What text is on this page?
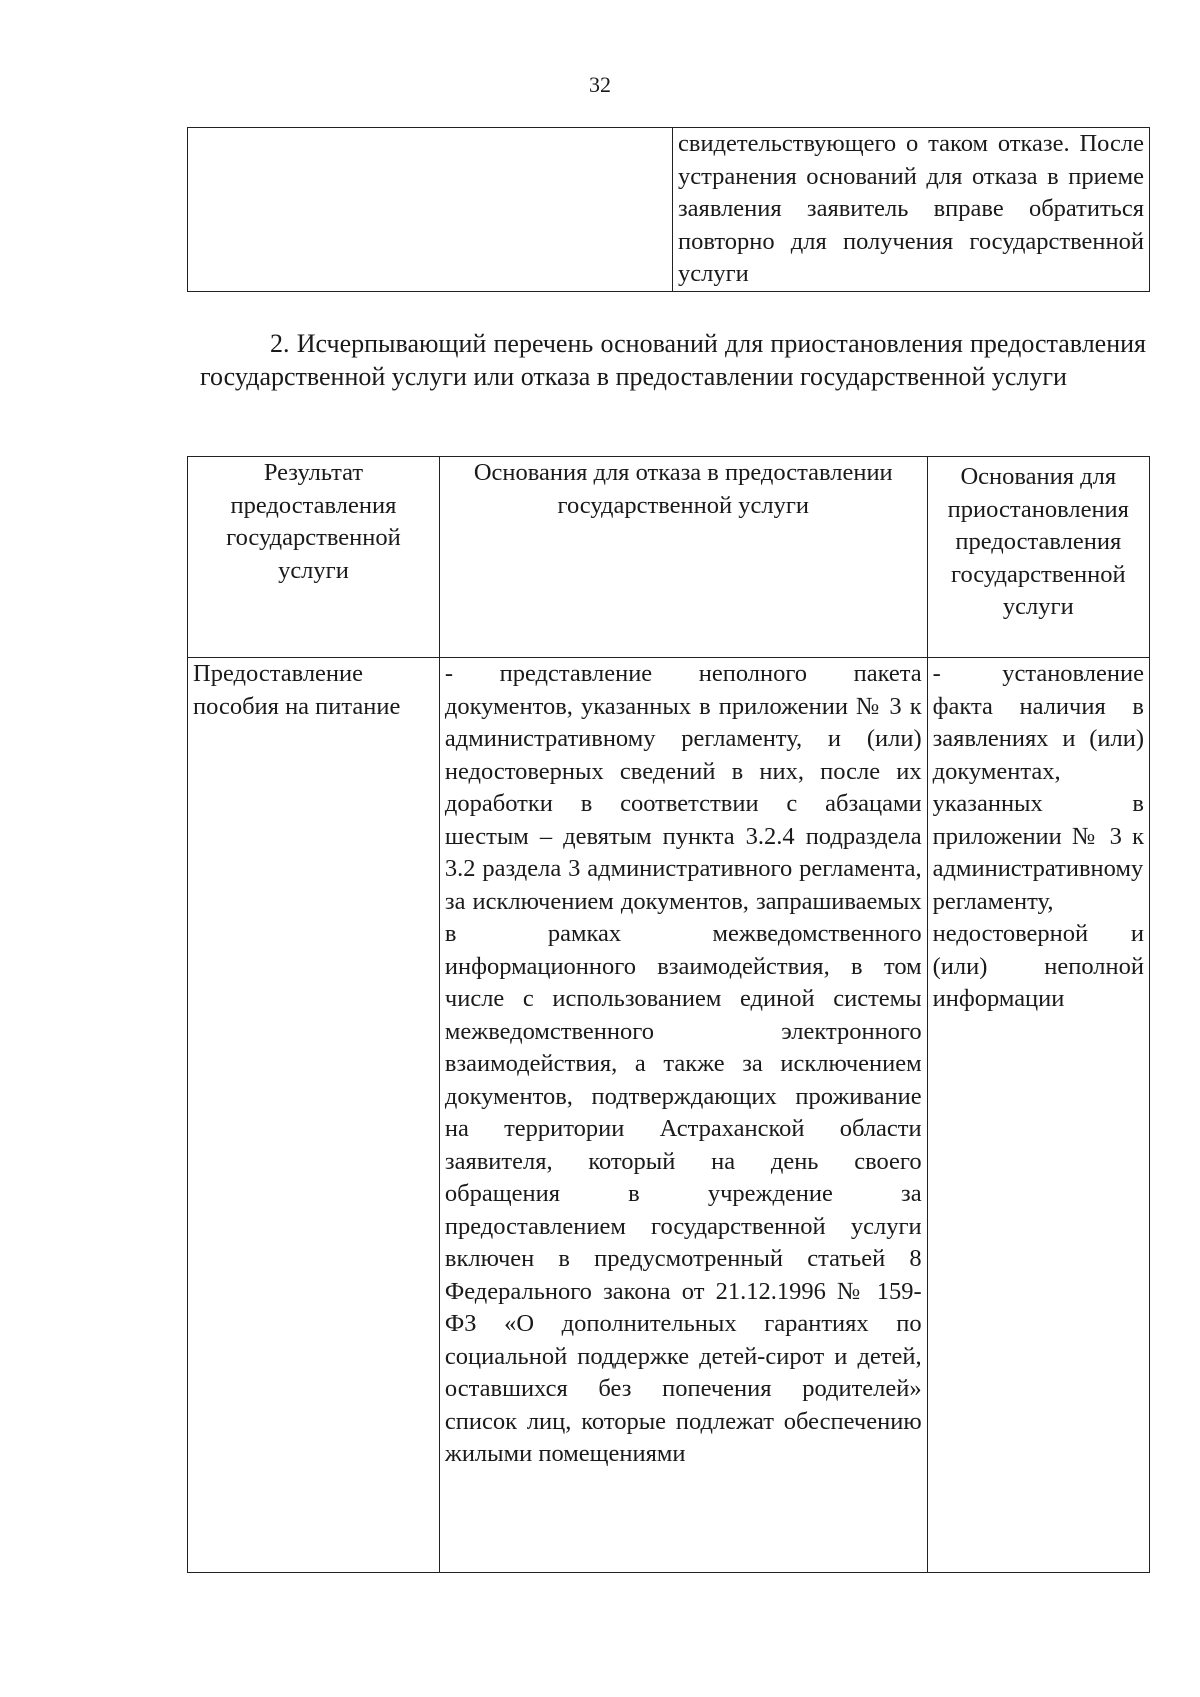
32
	свидетельствующего о таком отказе. После устранения оснований для отказа в приеме заявления заявитель вправе обратиться повторно для получения государственной услуги

2. Исчерпывающий перечень оснований для приостановления предоставления государственной услуги или отказа в предоставлении государственной услуги

Результат предоставления государственной услуги	Основания для отказа в предоставлении государственной услуги	Основания для приостановления предоставления государственной услуги
Предоставление пособия на питание	- представление неполного пакета документов, указанных в приложении № 3 к административному регламенту, и (или) недостоверных сведений в них, после их доработки в соответствии с абзацами шестым – девятым пункта 3.2.4 подраздела 3.2 раздела 3 административного регламента, за исключением документов, запрашиваемых в рамках межведомственного информационного взаимодействия, в том числе с использованием единой системы межведомственного электронного взаимодействия, а также за исключением документов, подтверждающих проживание на территории Астраханской области заявителя, который на день своего обращения в учреждение за предоставлением государственной услуги включен в предусмотренный статьей 8 Федерального закона от 21.12.1996 № 159-ФЗ «О дополнительных гарантиях по социальной поддержке детей-сирот и детей, оставшихся без попечения родителей» список лиц, которые подлежат обеспечению жилыми помещениями	- установление факта наличия в заявлениях и (или) документах, указанных в приложении № 3 к административному регламенту, недостоверной и (или) неполной информации
